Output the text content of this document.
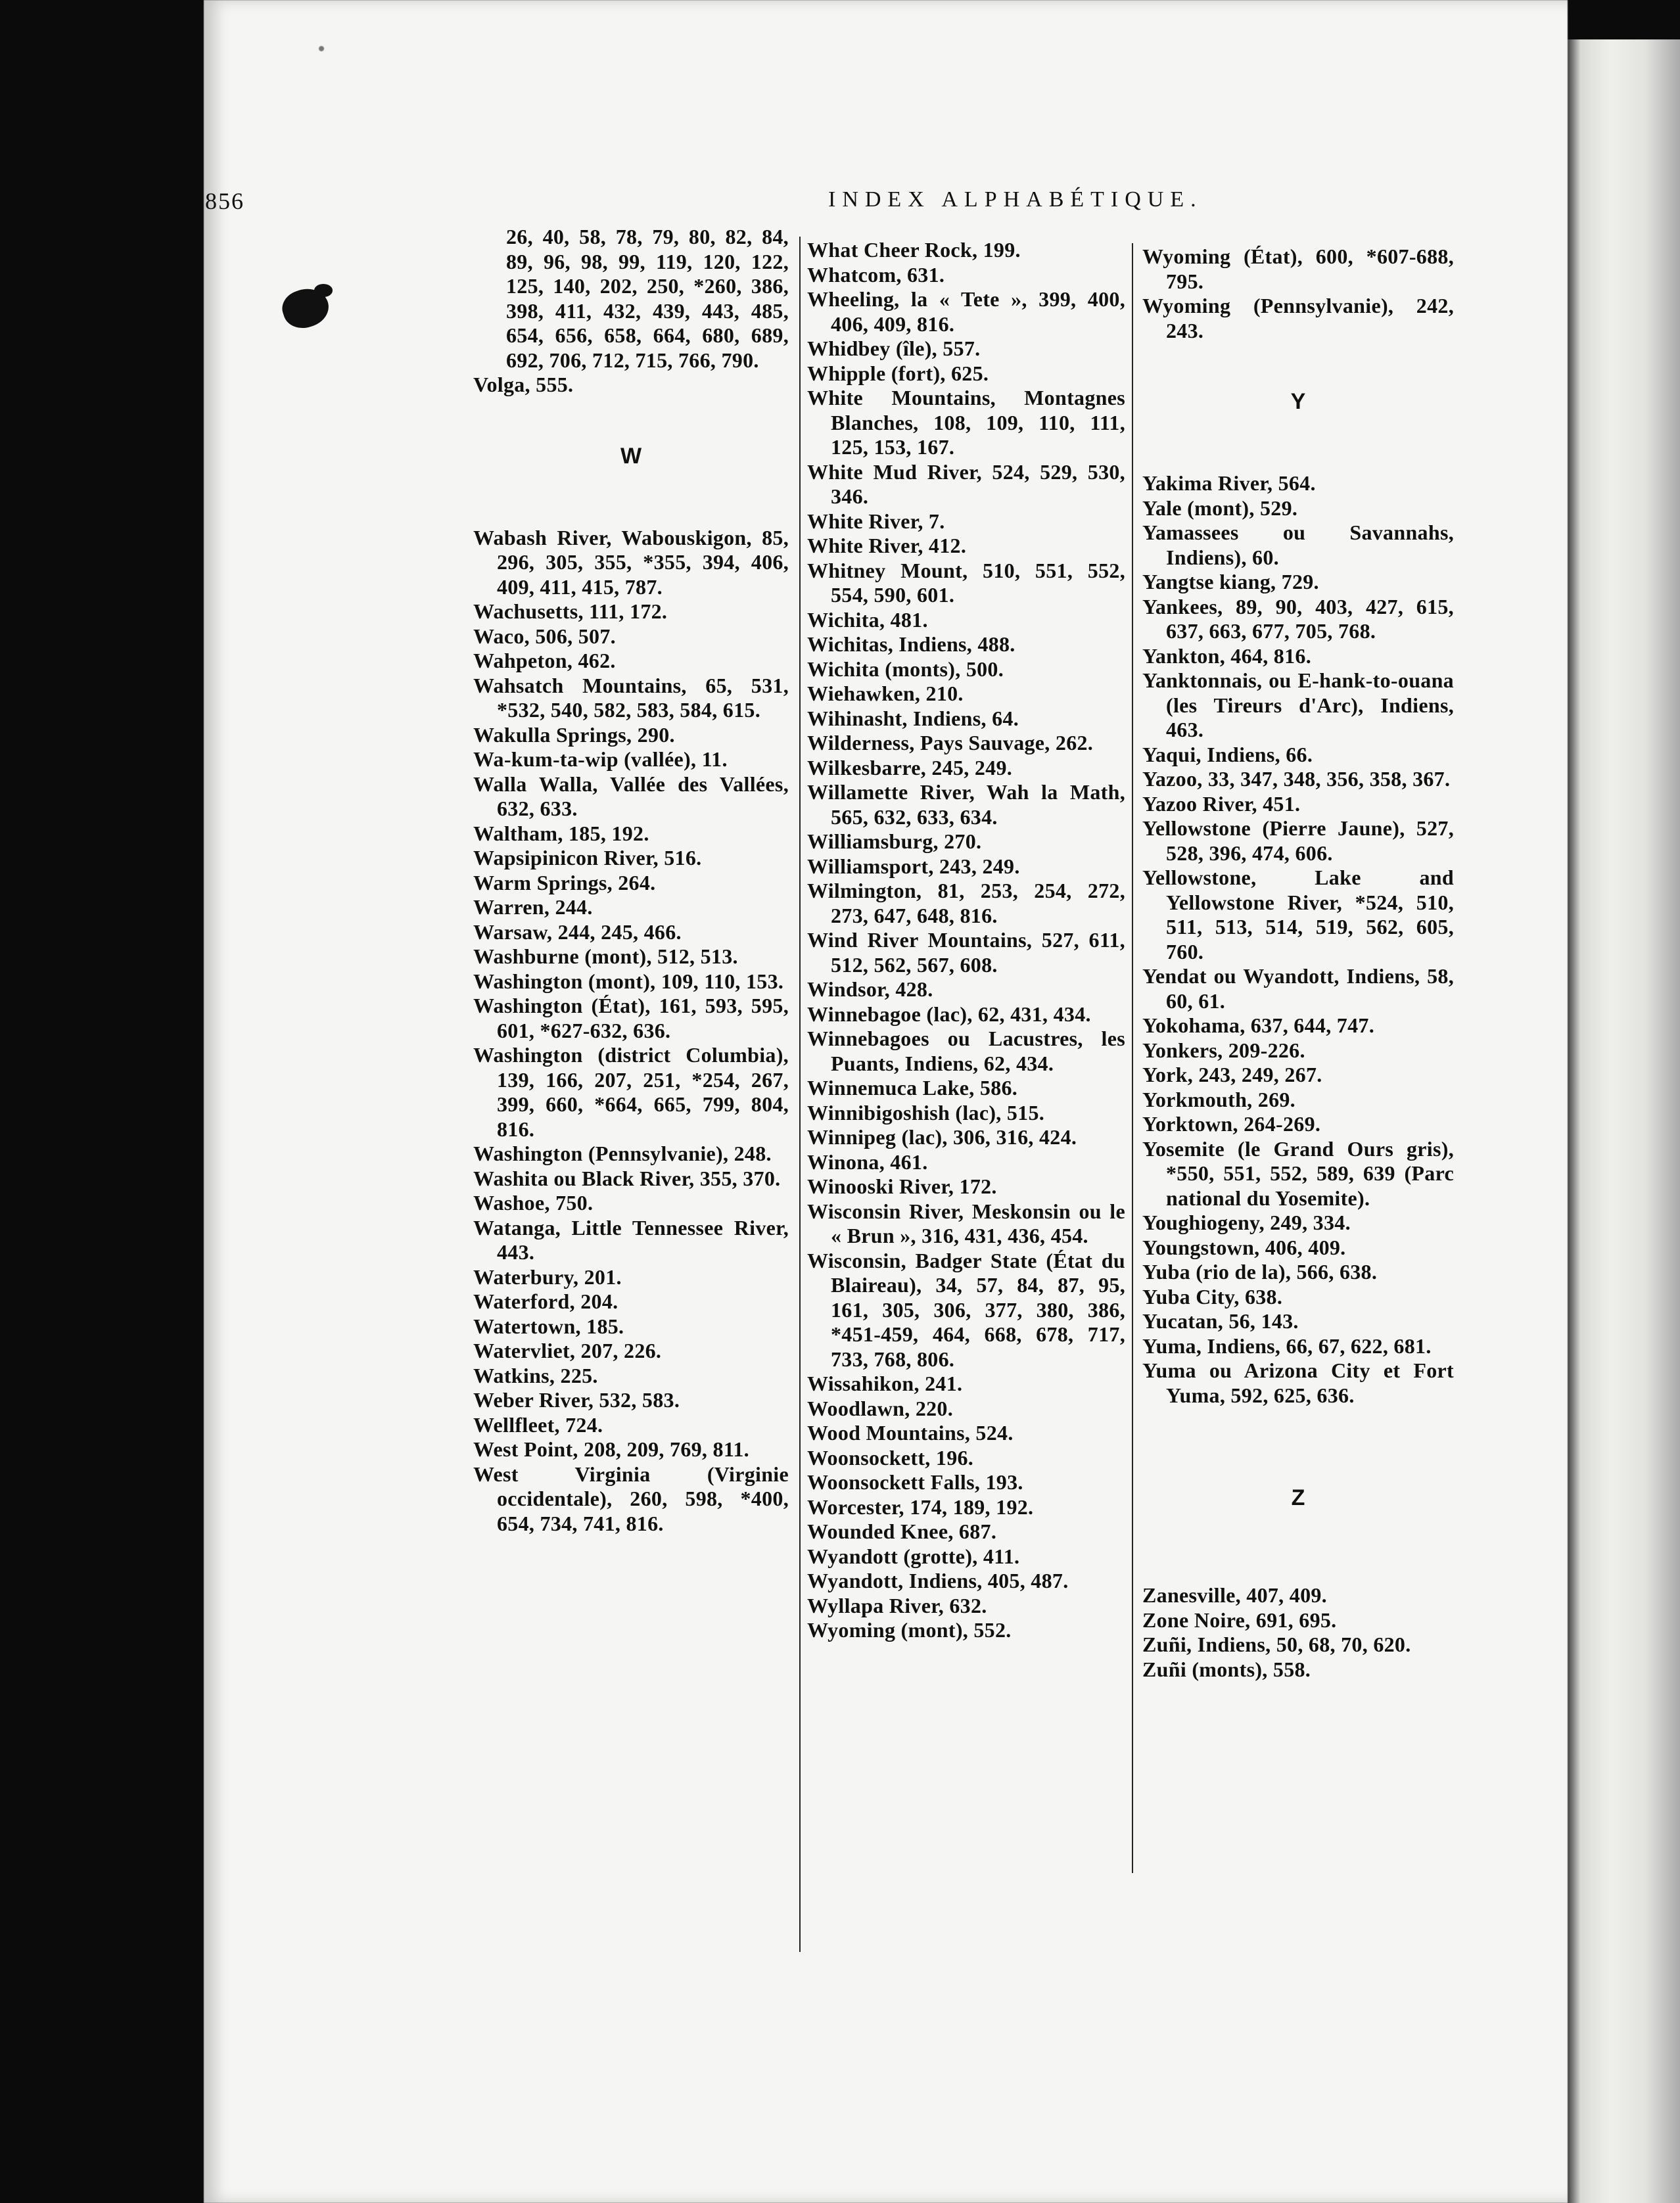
856	INDEX ALPHABÉTIQUE.
26, 40, 58, 78, 79, 80, 82, 84, 89, 96, 98, 99, 119, 120, 122, 125, 140, 202, 250, *260, 386, 398, 411, 432, 439, 443, 485, 654, 656, 658, 664, 680, 689, 692, 706, 712, 715, 766, 790.
Volga, 555.
W
Wabash River, Wabouskigon, 85, 296, 305, 355, *355, 394, 406, 409, 411, 415, 787.
Wachusetts, 111, 172.
Waco, 506, 507.
Wahpeton, 462.
Wahsatch Mountains, 65, 531, *532, 540, 582, 583, 584, 615.
Wakulla Springs, 290.
Wa-kum-ta-wip (vallée), 11.
Walla Walla, Vallée des Vallées, 632, 633.
Waltham, 185, 192.
Wapsipinicon River, 516.
Warm Springs, 264.
Warren, 244.
Warsaw, 244, 245, 466.
Washburne (mont), 512, 513.
Washington (mont), 109, 110, 153.
Washington (État), 161, 593, 595, 601, *627-632, 636.
Washington (district Columbia), 139, 166, 207, 251, *254, 267, 399, 660, *664, 665, 799, 804, 816.
Washington (Pennsylvanie), 248.
Washita ou Black River, 355, 370.
Washoe, 750.
Watanga, Little Tennessee River, 443.
Waterbury, 201.
Waterford, 204.
Watertown, 185.
Watervliet, 207, 226.
Watkins, 225.
Weber River, 532, 583.
Wellfleet, 724.
West Point, 208, 209, 769, 811.
West Virginia (Virginie occidentale), 260, 598, *400, 654, 734, 741, 816.
What Cheer Rock, 199.
Whatcom, 631.
Wheeling, la « Tete », 399, 400, 406, 409, 816.
Whidbey (île), 557.
Whipple (fort), 625.
White Mountains, Montagnes Blanches, 108, 109, 110, 111, 125, 153, 167.
White Mud River, 524, 529, 530, 346.
White River, 7.
White River, 412.
Whitney Mount, 510, 551, 552, 554, 590, 601.
Wichita, 481.
Wichitas, Indiens, 488.
Wichita (monts), 500.
Wiehawken, 210.
Wihinasht, Indiens, 64.
Wilderness, Pays Sauvage, 262.
Wilkesbarre, 245, 249.
Willamette River, Wah la Math, 565, 632, 633, 634.
Williamsburg, 270.
Williamsport, 243, 249.
Wilmington, 81, 253, 254, 272, 273, 647, 648, 816.
Wind River Mountains, 527, 611, 512, 562, 567, 608.
Windsor, 428.
Winnebagoe (lac), 62, 431, 434.
Winnebagoes ou Lacustres, les Puants, Indiens, 62, 434.
Winnemuca Lake, 586.
Winnibigoshish (lac), 515.
Winnipeg (lac), 306, 316, 424.
Winona, 461.
Winooski River, 172.
Wisconsin River, Meskonsin ou le « Brun », 316, 431, 436, 454.
Wisconsin, Badger State (État du Blaireau), 34, 57, 84, 87, 95, 161, 305, 306, 377, 380, 386, *451-459, 464, 668, 678, 717, 733, 768, 806.
Wissahikon, 241.
Woodlawn, 220.
Wood Mountains, 524.
Woonsockett, 196.
Woonsockett Falls, 193.
Worcester, 174, 189, 192.
Wounded Knee, 687.
Wyandott (grotte), 411.
Wyandott, Indiens, 405, 487.
Wyllapa River, 632.
Wyoming (mont), 552.
Wyoming (État), 600, *607-688, 795.
Wyoming (Pennsylvanie), 242, 243.
Y
Yakima River, 564.
Yale (mont), 529.
Yamassees ou Savannahs, Indiens), 60.
Yangtse kiang, 729.
Yankees, 89, 90, 403, 427, 615, 637, 663, 677, 705, 768.
Yankton, 464, 816.
Yanktonnais, ou E-hank-to-ouana (les Tireurs d'Arc), Indiens, 463.
Yaqui, Indiens, 66.
Yazoo, 33, 347, 348, 356, 358, 367.
Yazoo River, 451.
Yellowstone (Pierre Jaune), 527, 528, 396, 474, 606.
Yellowstone, Lake and Yellowstone River, *524, 510, 511, 513, 514, 519, 562, 605, 760.
Yendat ou Wyandott, Indiens, 58, 60, 61.
Yokohama, 637, 644, 747.
Yonkers, 209-226.
York, 243, 249, 267.
Yorkmouth, 269.
Yorktown, 264-269.
Yosemite (le Grand Ours gris), *550, 551, 552, 589, 639 (Parc national du Yosemite).
Youghiogeny, 249, 334.
Youngstown, 406, 409.
Yuba (rio de la), 566, 638.
Yuba City, 638.
Yucatan, 56, 143.
Yuma, Indiens, 66, 67, 622, 681.
Yuma ou Arizona City et Fort Yuma, 592, 625, 636.
Z
Zanesville, 407, 409.
Zone Noire, 691, 695.
Zuñi, Indiens, 50, 68, 70, 620.
Zuñi (monts), 558.
